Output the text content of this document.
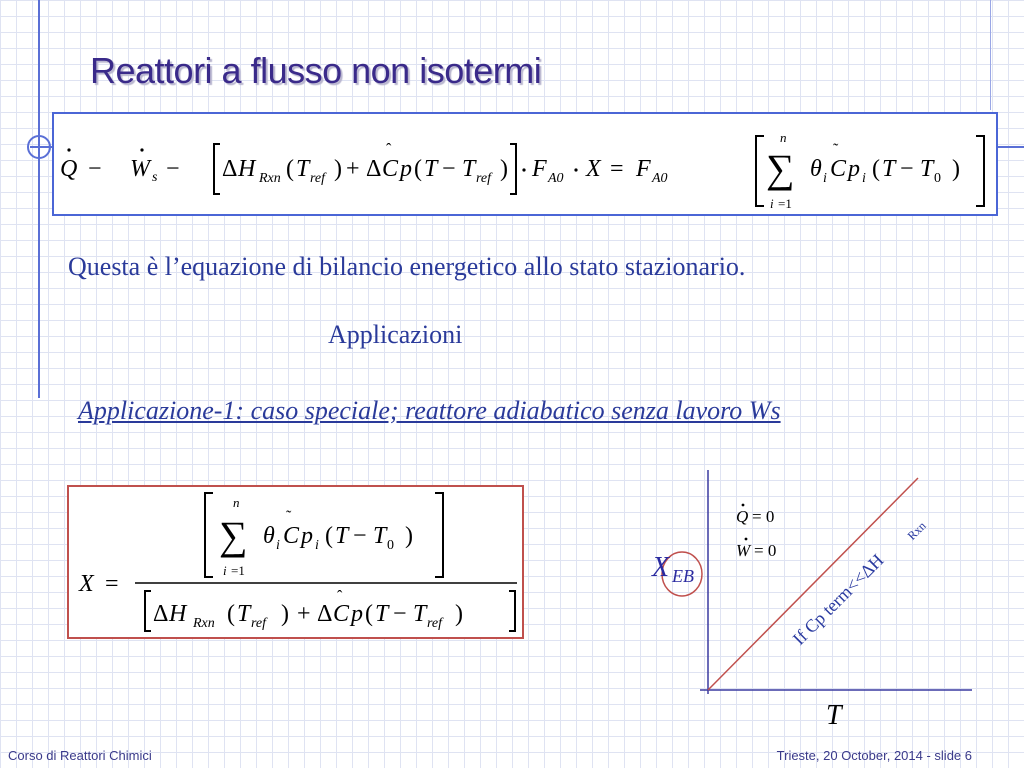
Reattori a flusso non isotermi
Q − W s − Δ H Rxn ( T ref ) + Δ C
ˆ
p ( T − T ref ) F A0 X = F A0
n
∑
i =1
θ i C
˜
p i ( T − T 0 )
Questa è l’equazione di bilancio energetico allo stato stazionario.
Applicazioni
Applicazione-1: caso speciale; reattore adiabatico senza lavoro Ws
X =
n
∑
i =1
θ i C
˜
p i ( T − T 0 )
Δ H Rxn ( T ref ) + Δ C
ˆ
p ( T − T ref )
X EB
T
Q = 0
W = 0 If Cp term<<ΔH
Rxn
Corso di Reattori Chimici	Trieste, 20 October, 2014 - slide 6
